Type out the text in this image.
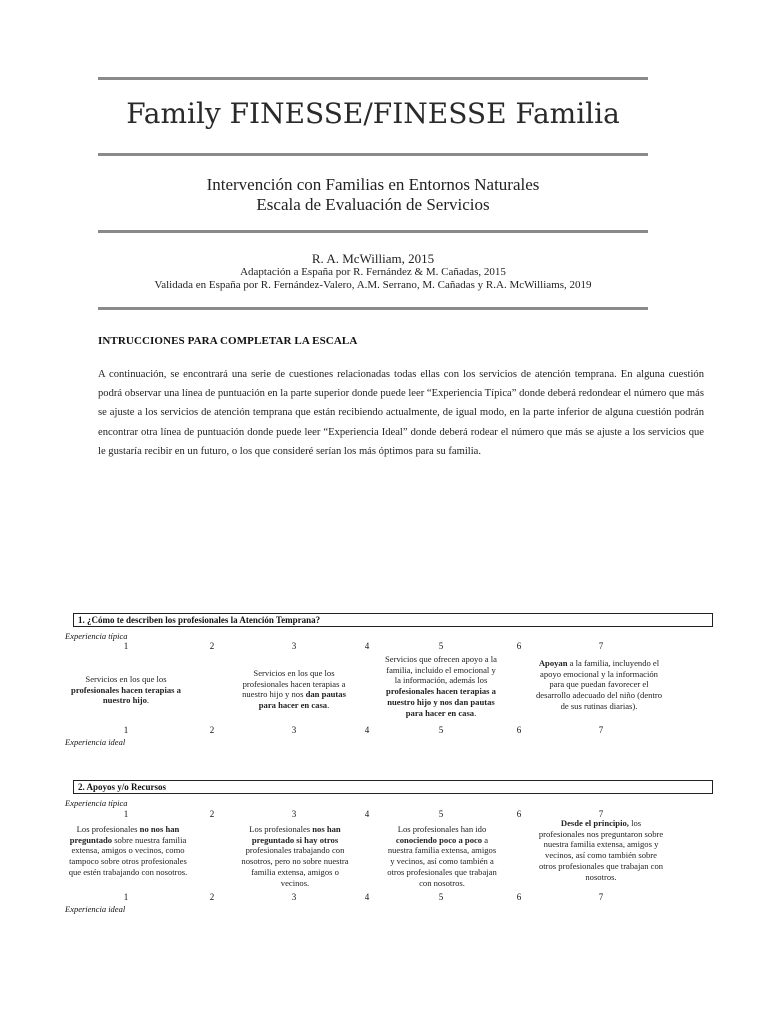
Family FINESSE/FINESSE Familia
Intervención con Familias en Entornos Naturales
Escala de Evaluación de Servicios
R. A. McWilliam, 2015
Adaptación a España por R. Fernández & M. Cañadas, 2015
Validada en España por R. Fernández-Valero, A.M. Serrano, M. Cañadas y R.A. McWilliams, 2019
INTRUCCIONES PARA COMPLETAR LA ESCALA
A continuación, se encontrará una serie de cuestiones relacionadas todas ellas con los servicios de atención temprana. En alguna cuestión podrá observar una línea de puntuación en la parte superior donde puede leer “Experiencia Típica” donde deberá redondear el número que más se ajuste a los servicios de atención temprana que están recibiendo actualmente, de igual modo, en la parte inferior de alguna cuestión podrán encontrar otra línea de puntuación donde puede leer “Experiencia Ideal” donde deberá rodear el número que más se ajuste a los servicios que le gustaría recibir en un futuro, o los que consideré serían los más óptimos para su familia.
1. ¿Cómo te describen los profesionales la Atención Temprana?
Experiencia típica
1	2	3	4	5	6	7
Servicios en los que los profesionales hacen terapias a nuestro hijo.
Servicios en los que los profesionales hacen terapias a nuestro hijo y nos dan pautas para hacer en casa.
Servicios que ofrecen apoyo a la familia, incluido el emocional y la información, además los profesionales hacen terapias a nuestro hijo y nos dan pautas para hacer en casa.
Apoyan a la familia, incluyendo el apoyo emocional y la información para que puedan favorecer el desarrollo adecuado del niño (dentro de sus rutinas diarias).
1	2	3	4	5	6	7
Experiencia ideal
2. Apoyos y/o Recursos
Experiencia típica
1	2	3	4	5	6	7
Los profesionales no nos han preguntado sobre nuestra familia extensa, amigos o vecinos, como tampoco sobre otros profesionales que estén trabajando con nosotros.
Los profesionales nos han preguntado si hay otros profesionales trabajando con nosotros, pero no sobre nuestra familia extensa, amigos o vecinos.
Los profesionales han ido conociendo poco a poco a nuestra familia extensa, amigos y vecinos, así como también a otros profesionales que trabajan con nosotros.
Desde el principio, los profesionales nos preguntaron sobre nuestra familia extensa, amigos y vecinos, así como también sobre otros profesionales que trabajan con nosotros.
1	2	3	4	5	6	7
Experiencia ideal
